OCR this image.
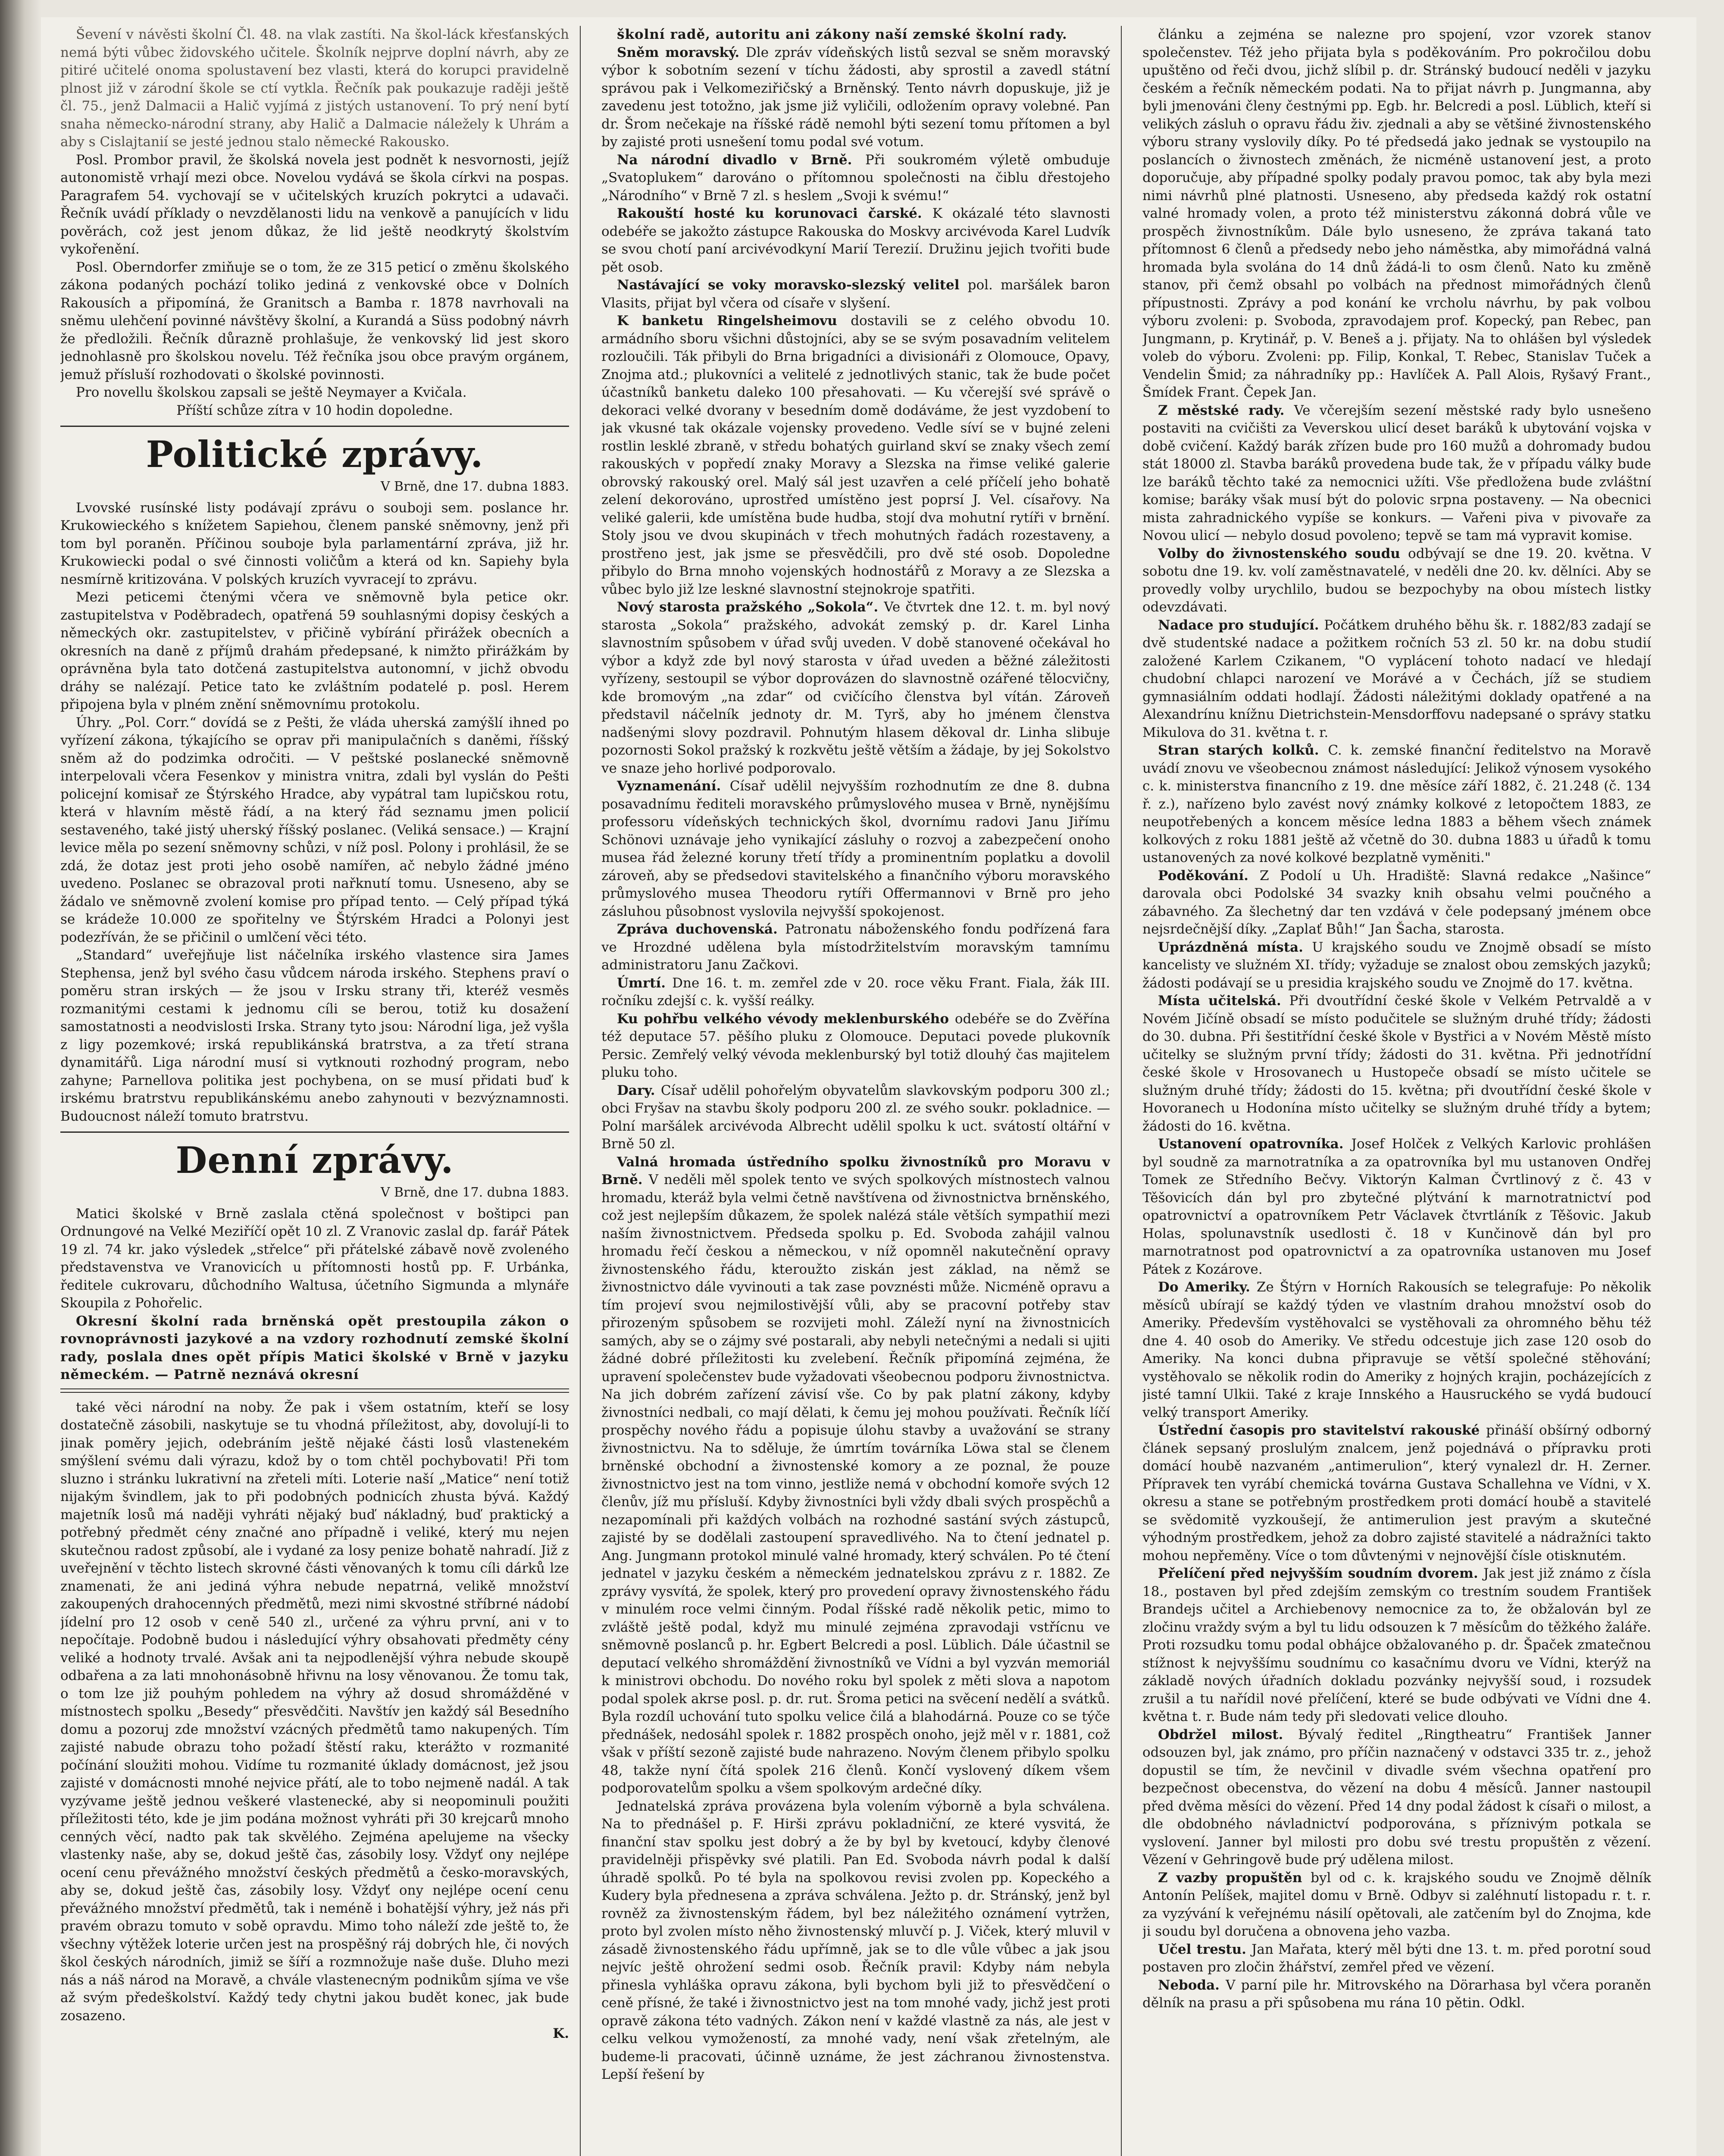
Ševení v návěsti školní Čl. 48. na vlak zastíti. Na škol-láck křesťanských nemá býti vůbec židovského učitele. Školník nejprve doplní návrh, aby ze pitiré učitelé onoma spolustavení bez vlasti, která do korupci pravidelně plnost již v zárodní škole se ctí vytkla. Řečník pak poukazuje raději ještě čl. 75., jenž Dalmacii a Halič vyjímá z jistých ustanovení. To prý není bytí snaha německo-národní strany, aby Halič a Dalmacie náležely k Uhrám a aby s Cislajtanií se jesté jednou stalo německé Rakousko.

Posl. Prombor pravil, že školská novela jest podnět k nesvornosti, jejíž autonomistě vrhají mezi obce. Novelou vydává se škola církvi na pospas. Paragrafem 54. vychovají se v učitelských kruzích pokrytci a udavači. Řečník uvádí příklady o nevzdělanosti lidu na venkově a panujících v lidu pověrách, což jest jenom důkaz, že lid ještě neodkrytý školstvím vykořenění.

Posl. Oberndorfer zmiňuje se o tom, že ze 315 peticí o změnu školského zákona podaných pochází toliko jediná z venkovské obce v Dolních Rakousích a připomíná, že Granitsch a Bamba r. 1878 navrhovali na sněmu ulehčení povinné návštěvy školní, a Kurandá a Süss podobný návrh že předložili. Řečník důrazně prohlašuje, že venkovský lid jest skoro jednohlasně pro školskou novelu. Též řečníka jsou obce pravým orgánem, jemuž přísluší rozhodovati o školské povinnosti.

Pro novellu školskou zapsali se ještě Neymayer a Kvičala.

Příští schůze zítra v 10 hodin dopoledne.

Politické zprávy.
V Brně, dne 17. dubna 1883.

Lvovské rusínské listy podávají zprávu o souboji sem. poslance hr. Krukowieckého s knížetem Sapiehou, členem panské sněmovny, jenž při tom byl poraněn. Příčinou souboje byla parlamentární zpráva, již hr. Krukowiecki podal o své činnosti voličům a která od kn. Sapiehy byla nesmírně kritizována. V polských kruzích vyvracejí to zprávu.

Mezi peticemi čtenými včera ve sněmovně byla petice okr. zastupitelstva v Poděbradech, opatřená 59 souhlasnými dopisy českých a německých okr. zastupitelstev, v přičině vybírání přirážek obecních a okresních na daně z příjmů drahám předepsané, k nimžto přirážkám by oprávněna byla tato dotčená zastupitelstva autonomní, v jichž obvodu dráhy se nalézají. Petice tato ke zvláštním podatelé p. posl. Herem připojena byla v plném znění sněmovnímu protokolu.

Úhry. „Pol. Corr.“ dovídá se z Pešti, že vláda uherská zamýšlí ihned po vyřízení zákona, týkajícího se oprav při manipulačních s daněmi, říšský sněm až do podzimka odročiti. — V peštské poslanecké sněmovně interpelovali včera Fesenkov y ministra vnitra, zdali byl vyslán do Pešti policejní komisař ze Štýrského Hradce, aby vypátral tam lupičskou rotu, která v hlavním městě řádí, a na který řád seznamu jmen policií sestaveného, také jistý uherský říšský poslanec. (Veliká sensace.) — Krajní levice měla po sezení sněmovny schůzi, v níž posl. Polony i prohlásil, že se zdá, že dotaz jest proti jeho osobě namířen, ač nebylo žádné jméno uvedeno. Poslanec se obrazoval proti nařknutí tomu. Usneseno, aby se žádalo ve sněmovně zvolení komise pro případ tento. — Celý případ týká se krádeže 10.000 ze spořitelny ve Štýrském Hradci a Polonyi jest podezříván, že se přičinil o umlčení věci této.

„Standard“ uveřejňuje list náčelníka irského vlastence sira James Stephensa, jenž byl svého času vůdcem národa irského. Stephens praví o poměru stran irských — že jsou v Irsku strany tři, kteréž vesměs rozmanitými cestami k jednomu cíli se berou, totiž ku dosažení samostatnosti a neodvislosti Irska. Strany tyto jsou: Národní liga, jež vyšla z ligy pozemkové; irská republikánská bratrstva, a za třetí strana dynamitářů. Liga národní musí si vytknouti rozhodný program, nebo zahyne; Parnellova politika jest pochybena, on se musí přidati buď k irskému bratrstvu republikánskému anebo zahynouti v bezvýznamnosti. Budoucnost náleží tomuto bratrstvu.

Denní zprávy.
V Brně, dne 17. dubna 1883.

Matici školské v Brně zaslala ctěná společnost v boštipci pan Ordnungové na Velké Meziříčí opět 10 zl. Z Vranovic zaslal dp. farář Pátek 19 zl. 74 kr. jako výsledek „střelce“ při přátelské zábavě nově zvoleného představenstva ve Vranovicích u přítomnosti hostů pp. F. Urbánka, ředitele cukrovaru, důchodního Waltusa, účetního Sigmunda a mlynáře Skoupila z Pohořelic.

Okresní školní rada brněnská opět prestoupila zákon o rovnoprávnosti jazykové a na vzdory rozhodnutí zemské školní rady, poslala dnes opět přípis Matici školské v Brně v jazyku německém. — Patrně neznává okresní

také věci národní na noby. Že pak i všem ostatním, kteří se losy dostatečně zásobili, naskytuje se tu vhodná příležitost, aby, dovolují-li to jinak poměry jejich, odebráním ještě nějaké části losů vlastenekém smýšlení svému dali výrazu, kdož by o tom chtěl pochybovati! Při tom sluzno i stránku lukrativní na zřeteli míti. Loterie naší „Matice“ není totiž nijakým švindlem, jak to při podobných podnicích zhusta bývá. Každý majetník losů má naději vyhráti nějaký buď nákladný, buď praktický a potřebný předmět cény značné ano případně i veliké, který mu nejen skutečnou radost způsobí, ale i vydané za losy penize bohatě nahradí. Již z uveřejnění v těchto listech skrovné části věnovaných k tomu cíli dárků lze znamenati, že ani jediná výhra nebude nepatrná, velikě množství zakoupených drahocenných předmětů, mezi nimi skvostné stříbrné nádobí jídelní pro 12 osob v ceně 540 zl., určené za výhru první, ani v to nepočítaje. Podobně budou i následující výhry obsahovati předměty cény veliké a hodnoty trvalé. Avšak ani ta nejpodlenější výhra nebude skoupě odbařena a za lati mnohonásobně hřivnu na losy věnovanou. Že tomu tak, o tom lze již pouhým pohledem na výhry až dosud shromážděné v místnostech spolku „Besedy“ přesvědčiti. Navštív jen každý sál Besedního domu a pozoruj zde množství vzácných předmětů tamo nakupených. Tím zajisté nabude obrazu toho požadí štěstí raku, kterážto v rozmanité počínání sloužiti mohou. Vidíme tu rozmanité úklady domácnost, jež jsou zajisté v domácnosti mnohé nejvice přátí, ale to tobo nejmeně nadál. A tak vyzývame ještě jednou veškeré vlastenecké, aby si neopominuli použiti příležitosti této, kde je jim podána možnost vyhráti při 30 krejcarů mnoho cenných věcí, nadto pak tak skvělého. Zejména apelujeme na všecky vlastenky naše, aby se, dokud ještě čas, zásobily losy. Vždyť ony nejlépe ocení cenu převážného množství českých předmětů a česko-moravských, aby se, dokud ještě čas, zásobily losy. Vždyť ony nejlépe ocení cenu převážného množství předmětů, tak i neméně i bohatější výhry, jež nás při pravém obrazu tomuto v sobě opravdu. Mimo toho náleží zde ještě to, že všechny výtěžek loterie určen jest na prospěšný ráj dobrých hle, či nových škol českých národních, jimiž se šíří a rozmnožuje naše duše. Dluho mezi nás a náš národ na Moravě, a chvále vlastenecným podnikům sjíma ve vše až svým předeškolství. Každý tedy chytni jakou budět konec, jak bude zosazeno.

K.

školní radě, autoritu ani zákony naší zemské školní rady.

Sněm moravský. Dle zpráv vídeňských listů sezval se sněm moravský výbor k sobotním sezení v tíchu žádosti, aby sprostil a zavedl státní správou pak i Velkomeziřičský a Brněnský. Tento návrh dopuskuje, již je zavedenu jest totožno, jak jsme již vyličili, odložením opravy volebné. Pan dr. Šrom nečekaje na říšské rádě nemohl býti sezení tomu přítomen a byl by zajisté proti usnešení tomu podal své votum.

Na národní divadlo v Brně. Při soukromém výletě ombuduje „Svatoplukem“ darováno o přítomnou společnosti na čiblu dřestojeho „Národního“ v Brně 7 zl. s heslem „Svoji k svému!“

Rakouští hosté ku korunovaci čarské. K okázalé této slavnosti odebéře se jakožto zástupce Rakouska do Moskvy arcivévoda Karel Ludvík se svou chotí paní arcivévodkyní Marií Terezií. Družinu jejich tvořiti bude pět osob.

Nastávající se voky moravsko-slezský velitel pol. maršálek baron Vlasits, přijat byl včera od císaře v slyšení.

K banketu Ringelsheimovu dostavili se z celého obvodu 10. armádního sboru všichni důstojníci, aby se se svým posavadním velitelem rozloučili. Ták přibyli do Brna brigadníci a divisionáři z Olomouce, Opavy, Znojma atd.; plukovníci a velitelé z jednotlivých stanic, tak že bude počet účastníků banketu daleko 100 přesahovati. — Ku včerejší své správě o dekoraci velké dvorany v besedním domě dodáváme, že jest vyzdobení to jak vkusné tak okázale vojensky provedeno. Vedle síví se v bujné zeleni rostlin lesklé zbraně, v středu bohatých guirland skví se znaky všech zemí rakouských v popředí znaky Moravy a Slezska na řimse veliké galerie obrovský rakouský orel. Malý sál jest uzavřen a celé příčelí jeho bohatě zelení dekorováno, uprostřed umístěno jest poprsí J. Vel. císařovy. Na veliké galerii, kde umístěna bude hudba, stojí dva mohutní rytíři v brnění. Stoly jsou ve dvou skupinách v třech mohutných řadách rozestaveny, a prostřeno jest, jak jsme se přesvědčili, pro dvě sté osob. Dopoledne přibylo do Brna mnoho vojenských hodnostářů z Moravy a ze Slezska a vůbec bylo již lze leskné slavnostní stejnokroje spatřiti.

Nový starosta pražského „Sokola“. Ve čtvrtek dne 12. t. m. byl nový starosta „Sokola“ pražského, advokát zemský p. dr. Karel Linha slavnostním spůsobem v úřad svůj uveden. V době stanovené očekával ho výbor a když zde byl nový starosta v úřad uveden a běžné záležitosti vyřízeny, sestoupil se výbor doprovázen do slavnostně ozářené tělocvičny, kde bromovým „na zdar“ od cvičícího členstva byl vítán. Zároveň představil náčelník jednoty dr. M. Tyrš, aby ho jménem členstva nadšenými slovy pozdravil. Pohnutým hlasem děkoval dr. Linha slibuje pozornosti Sokol pražský k rozkvětu ještě větším a žádaje, by jej Sokolstvo ve snaze jeho horlivé podporovalo.

Vyznamenání. Císař udělil nejvyšším rozhodnutím ze dne 8. dubna posavadnímu řediteli moravského průmyslového musea v Brně, nynějšímu professoru vídeňských technických škol, dvornímu radovi Janu Jiřímu Schönovi uznávaje jeho vynikající zásluhy o rozvoj a zabezpečení onoho musea řád železné koruny třetí třídy a prominentním poplatku a dovolil zároveň, aby se předsedovi stavitelského a finančního výboru moravského průmyslového musea Theodoru rytíři Offermannovi v Brně pro jeho zásluhou působnost vyslovila nejvyšší spokojenost.

Zpráva duchovenská. Patronatu náboženského fondu podřízená fara ve Hrozdné udělena byla místodržitelstvím moravským tamnímu administratoru Janu Začkovi.

Úmrtí. Dne 16. t. m. zemřel zde v 20. roce věku Frant. Fiala, žák III. ročníku zdejší c. k. vyšší reálky.

Ku pohřbu velkého vévody meklenburského odebéře se do Zvěřína též deputace 57. pěšího pluku z Olomouce. Deputaci povede plukovník Persic. Zemřelý velký vévoda meklenburský byl totiž dlouhý čas majitelem pluku toho.

Dary. Císař udělil pohořelým obyvatelům slavkovským podporu 300 zl.; obci Fryšav na stavbu školy podporu 200 zl. ze svého soukr. pokladnice. — Polní maršálek arcivévoda Albrecht udělil spolku k uct. svátostí oltářní v Brně 50 zl.

Valná hromada ústředního spolku živnostníků pro Moravu v Brně. V neděli měl spolek tento ve svých spolkových místnostech valnou hromadu, kteráž byla velmi četně navštívena od živnostnictva brněnského, což jest nejlepším důkazem, že spolek nalézá stále větších sympathií mezi naším živnostnictvem. Předseda spolku p. Ed. Svoboda zahájil valnou hromadu řečí českou a německou, v níž opomněl nakutečnění opravy živnostenského řádu, kteroužto ziskán jest základ, na němž se živnostnictvo dále vyvinouti a tak zase povznésti může. Nicméně opravu a tím projeví svou nejmilostivější vůli, aby se pracovní potřeby stav přirozeným spůsobem se rozvijeti mohl. Záleží nyní na živnostnicích samých, aby se o zájmy své postarali, aby nebyli netečnými a nedali si ujiti žádné dobré příležitosti ku zvelebení. Řečník připomíná zejména, že upravení společenstev bude vyžadovati všeobecnou podporu živnostnictva. Na jich dobrém zařízení závisí vše. Co by pak platní zákony, kdyby živnostníci nedbali, co mají dělati, k čemu jej mohou používati. Řečník líčí prospěchy nového řádu a popisuje úlohu stavby a uvažování se strany živnostnictvu. Na to sděluje, že úmrtím továrníka Löwa stal se členem brněnské obchodní a živnostenské komory a ze poznal, že pouze živnostnictvo jest na tom vinno, jestliže nemá v obchodní komoře svých 12 členův, jíž mu přísluší. Kdyby živnostníci byli vždy dbali svých prospěchů a nezapomínali při každých volbách na rozhodné sastání svých zástupců, zajisté by se dodělali zastoupení spravedlivého. Na to čtení jednatel p. Ang. Jungmann protokol minulé valné hromady, který schválen. Po té čtení jednatel v jazyku českém a německém jednatelskou zprávu z r. 1882. Ze zprávy vysvítá, že spolek, který pro provedení opravy živnostenského řádu v minulém roce velmi činným. Podal říšské radě několik petic, mimo to zvláště ještě podal, když mu minulé zejména zpravodaji vstřícnu ve sněmovně poslanců p. hr. Egbert Belcredi a posl. Lüblich. Dále účastnil se deputací velkého shromáždění živnostníků ve Vídni a byl vyzván memoriál k ministrovi obchodu. Do nového roku byl spolek z měti slova a napotom podal spolek akrse posl. p. dr. rut. Šroma petici na svěcení nedělí a svátků. Byla rozdíl uchování tuto spolku velice čilá a blahodárná. Pouze co se týče přednášek, nedosáhl spolek r. 1882 prospěch onoho, jejž měl v r. 1881, což však v příští sezoně zajisté bude nahrazeno. Novým členem přibylo spolku 48, takže nyní čítá spolek 216 členů. Končí vyslovený díkem všem podporovatelům spolku a všem spolkovým ardečné díky.

Jednatelská zpráva provázena byla volením výborně a byla schválena. Na to přednášel p. F. Hirši zprávu pokladniční, ze které vysvitá, že finanční stav spolku jest dobrý a že by byl by kvetoucí, kdyby členové pravidelněji přispěvky své platili. Pan Ed. Svoboda návrh podal k další úhradě spolků. Po té byla na spolkovou revisi zvolen pp. Kopeckého a Kudery byla přednesena a zpráva schválena. Ježto p. dr. Stránský, jenž byl rovněž za živnostenským řádem, byl bez náležitého oznámení vytržen, proto byl zvolen místo něho živnostenský mluvčí p. J. Viček, který mluvil v zásadě živnostenského řádu upřímně, jak se to dle vůle vůbec a jak jsou nejvíc ještě ohrožení sedmi osob. Řečník pravil: Kdyby nám nebyla přinesla vyhláška opravu zákona, byli bychom byli již to přesvědčení o ceně přísné, že také i živnostnictvo jest na tom mnohé vady, jichž jest proti opravě zákona této vadných. Zákon není v každé vlastně za nás, ale jest v celku velkou vymožeností, za mnohé vady, není však zřetelným, ale budeme-li pracovati, účinně uznáme, že jest záchranou živnostenstva. Lepší řešení by

článku a zejména se nalezne pro spojení, vzor vzorek stanov společenstev. Též jeho přijata byla s poděkováním. Pro pokročilou dobu upuštěno od řeči dvou, jichž slíbil p. dr. Stránský budoucí neděli v jazyku českém a řečník německém podati. Na to přijat návrh p. Jungmanna, aby byli jmenováni členy čestnými pp. Egb. hr. Belcredi a posl. Lüblich, kteří si velikých zásluh o opravu řádu živ. zjednali a aby se většiné živnostenského výboru strany vyslovily díky. Po té předsedá jako jednak se vystoupilo na poslancích o živnostech změnách, že nicméně ustanovení jest, a proto doporučuje, aby případné spolky podaly pravou pomoc, tak aby byla mezi nimi návrhů plné platnosti. Usneseno, aby předseda každý rok ostatní valné hromady volen, a proto též ministerstvu zákonná dobrá vůle ve prospěch živnostníkům. Dále bylo usneseno, že zpráva takaná tato přítomnost 6 členů a předsedy nebo jeho náměstka, aby mimořádná valná hromada byla svolána do 14 dnů žádá-li to osm členů. Nato ku změně stanov, při čemž obsahl po volbách na přednost mimořádných členů přípustnosti. Zprávy a pod konání ke vrcholu návrhu, by pak volbou výboru zvoleni: p. Svoboda, zpravodajem prof. Kopecký, pan Rebec, pan Jungmann, p. Krytinář, p. V. Beneš a j. přijaty. Na to ohlášen byl výsledek voleb do výboru. Zvoleni: pp. Filip, Konkal, T. Rebec, Stanislav Tuček a Vendelin Šmid; za náhradníky pp.: Havlíček A. Pall Alois, Ryšavý Frant., Šmídek Frant. Čepek Jan.

Z městské rady. Ve včerejším sezení městské rady bylo usnešeno postaviti na cvičišti za Veverskou ulicí deset baráků k ubytování vojska v době cvičení. Každý barák zřízen bude pro 160 mužů a dohromady budou stát 18000 zl. Stavba baráků provedena bude tak, že v případu války bude lze baráků těchto také za nemocnici užíti. Vše předložena bude zvláštní komise; baráky však musí být do polovic srpna postaveny. — Na obecnici mista zahradnického vypíše se konkurs. — Vařeni piva v pivovaře za Novou ulicí — nebylo dosud povoleno; tepvě se tam má vypravit komise.

Volby do živnostenského soudu odbývají se dne 19. 20. května. V sobotu dne 19. kv. volí zaměstnavatelé, v neděli dne 20. kv. dělníci. Aby se provedly volby urychlilo, budou se bezpochyby na obou místech listky odevzdávati.

Nadace pro studující. Počátkem druhého běhu šk. r. 1882/83 zadají se dvě studentské nadace a požitkem ročních 53 zl. 50 kr. na dobu studií založené Karlem Czikanem, "O vyplácení tohoto nadací ve hledají chudobní chlapci narození ve Morávé a v Čechách, jíž se studiem gymnasiálním oddati hodlají. Žádosti náležitými doklady opatřené a na Alexandrínu knížnu Dietrichstein-Mensdorffovu nadepsané o správy statku Mikulova do 31. května t. r.

Stran starých kolků. C. k. zemské finanční ředitelstvo na Moravě uvádí znovu ve všeobecnou známost následující: Jelikož výnosem vysokého c. k. ministerstva financního z 19. dne měsíce září 1882, č. 21.248 (č. 134 ř. z.), nařízeno bylo zavést nový známky kolkové z letopočtem 1883, ze neupotřebených a koncem měsíce ledna 1883 a během všech známek kolkových z roku 1881 ještě až včetně do 30. dubna 1883 u úřadů k tomu ustanovených za nové kolkové bezplatně vyměniti."

Poděkování. Z Podolí u Uh. Hradiště: Slavná redakce „Našince“ darovala obci Podolské 34 svazky knih obsahu velmi poučného a zábavného. Za šlechetný dar ten vzdává v čele podepsaný jménem obce nejsrdečnější díky. „Zaplať Bůh!“ Jan Šacha, starosta.

Uprázdněná místa. U krajského soudu ve Znojmě obsadí se místo kancelisty ve služném XI. třídy; vyžaduje se znalost obou zemských jazyků; žádosti podávají se u presidia krajského soudu ve Znojmě do 17. května.

Místa učitelská. Při dvoutřídní české škole v Velkém Petrvaldě a v Novém Jičíně obsadí se místo podučitele se služným druhé třídy; žádosti do 30. dubna. Při šestitřídní české škole v Bystřici a v Novém Městě místo učitelky se služným první třídy; žádosti do 31. května. Při jednotřídní české škole v Hrosovanech u Hustopeče obsadí se místo učitele se služným druhé třídy; žádosti do 15. května; při dvoutřídní české škole v Hovoranech u Hodonína místo učitelky se služným druhé třídy a bytem; žádosti do 16. května.

Ustanovení opatrovníka. Josef Holček z Velkých Karlovic prohlášen byl soudně za marnotratníka a za opatrovníka byl mu ustanoven Ondřej Tomek ze Středního Bečvy. Viktorýn Kalman Čvrtlinový z č. 43 v Těšovicích dán byl pro zbytečné plýtvání k marnotratnictví pod opatrovnictví a opatrovníkem Petr Václavek čtvrtláník z Těšovic. Jakub Holas, spolunavstník usedlosti č. 18 v Kunčinově dán byl pro marnotratnost pod opatrovnictví a za opatrovníka ustanoven mu Josef Pátek z Kozárove.

Do Ameriky. Ze Štýrn v Horních Rakousích se telegrafuje: Po několik měsíců ubírají se každý týden ve vlastním drahou množství osob do Ameriky. Především vystěhovalci se vystěhovali za ohromného běhu též dne 4. 40 osob do Ameriky. Ve středu odcestuje jich zase 120 osob do Ameriky. Na konci dubna připravuje se větší společné stěhování; vystěhovalo se několik rodin do Ameriky z hojných krajin, pocházejících z jisté tamní Ulkii. Také z kraje Innského a Hausruckého se vydá budoucí velký transport Ameriky.

Ústřední časopis pro stavitelství rakouské přináší obšírný odborný článek sepsaný proslulým znalcem, jenž pojednává o přípravku proti domácí houbě nazvaném „antimerulion“, který vynalezl dr. H. Zerner. Přípravek ten vyrábí chemická továrna Gustava Schallehna ve Vídni, v X. okresu a stane se potřebným prostředkem proti domácí houbě a stavitelé se svědomitě vyzkoušejí, že antimerulion jest pravým a skutečné výhodným prostředkem, jehož za dobro zajisté stavitelé a nádražníci takto mohou nepřeměny. Více o tom důvtenými v nejnovější čísle otisknutém.

Přelíčení před nejvyšším soudním dvorem. Jak jest již známo z čísla 18., postaven byl před zdejším zemským co trestním soudem František Brandejs učitel a Archiebenovy nemocnice za to, že obžalován byl ze zločinu vraždy svým a byl tu lidu odsouzen k 7 měsícům do těžkého žaláře. Proti rozsudku tomu podal obhájce obžalovaného p. dr. Špaček zmatečnou stížnost k nejvyššímu soudnímu co kasačnímu dvoru ve Vídni, kterýž na základě nových úřadních dokladu pozvánky nejvyšší soud, i rozsudek zrušil a tu nařídil nové přelíčení, které se bude odbývati ve Vídni dne 4. května t. r. Bude nám tedy při sledovati velice dlouho.

Obdržel milost. Bývalý ředitel „Ringtheatru“ František Janner odsouzen byl, jak známo, pro příčin naznačený v odstavci 335 tr. z., jehož dopustil se tím, že nevčinil v divadle svém všechna opatření pro bezpečnost obecenstva, do vězení na dobu 4 měsíců. Janner nastoupil před dvěma měsíci do vězení. Před 14 dny podal žádost k císaři o milost, a dle obdobného návladnictví podporována, s příznivým potkala se vyslovení. Janner byl milosti pro dobu své trestu propuštěn z vězení. Vězení v Gehringově bude prý udělena milost.

Z vazby propuštěn byl od c. k. krajského soudu ve Znojmě dělník Antonín Pelíšek, majitel domu v Brně. Odbyv si zaléhnutí listopadu r. t. r. za vyzývání k veřejnému násilí opětovali, ale zatčením byl do Znojma, kde ji soudu byl doručena a obnovena jeho vazba.

Učel trestu. Jan Mařata, který měl býti dne 13. t. m. před porotní soud postaven pro zločin žhářství, zemřel před ve vězení.

Neboda. V parní pile hr. Mitrovského na Dörarhasa byl včera poraněn dělník na prasu a při spůsobena mu rána 10 pětin. Odkl.
